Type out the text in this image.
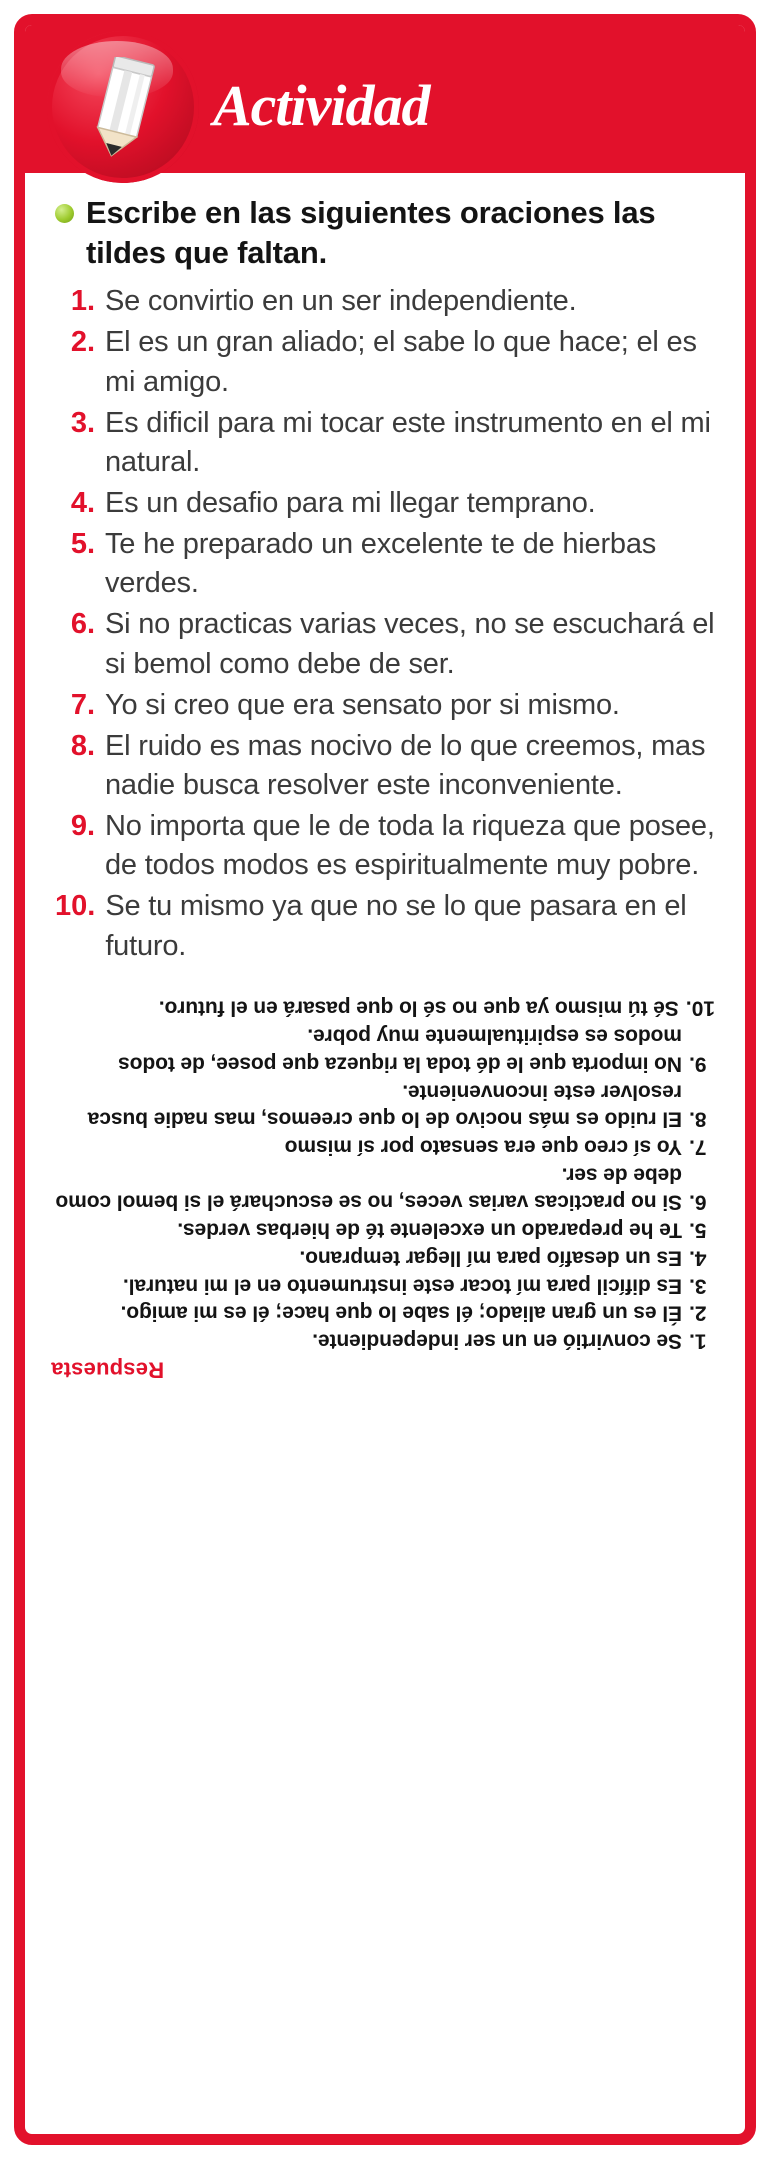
Actividad
Escribe en las siguientes oraciones las tildes que faltan.
1. Se convirtio en un ser independiente.
2. El es un gran aliado; el sabe lo que hace; el es mi amigo.
3. Es dificil para mi tocar este instrumento en el mi natural.
4. Es un desafio para mi llegar temprano.
5. Te he preparado un excelente te de hierbas verdes.
6. Si no practicas varias veces, no se escuchará el si bemol como debe de ser.
7. Yo si creo que era sensato por si mismo.
8. El ruido es mas nocivo de lo que creemos, mas nadie busca resolver este inconveniente.
9. No importa que le de toda la riqueza que posee, de todos modos es espiritualmente muy pobre.
10. Se tu mismo ya que no se lo que pasara en el futuro.
Respuesta
1.
Se convirtió en un ser independiente.
2.
Él es un gran aliado; él sabe lo que hace; él es mi amigo.
3.
Es difícil para mí tocar este instrumento en el mi natural.
4.
Es un desafío para mí llegar temprano.
5.
Te he preparado un excelente té de hierbas verdes.
6.
Si no practicas varias veces, no se escuchará el si bemol como debe de ser.
7.
Yo sí creo que era sensato por sí mismo
8.
El ruido es más nocivo de lo que creemos, mas nadie busca resolver este inconveniente.
9.
No importa que le dé toda la riqueza que posee, de todos modos es espiritualmente muy pobre.
10.
Sé tú mismo ya que no sé lo que pasará en el futuro.
